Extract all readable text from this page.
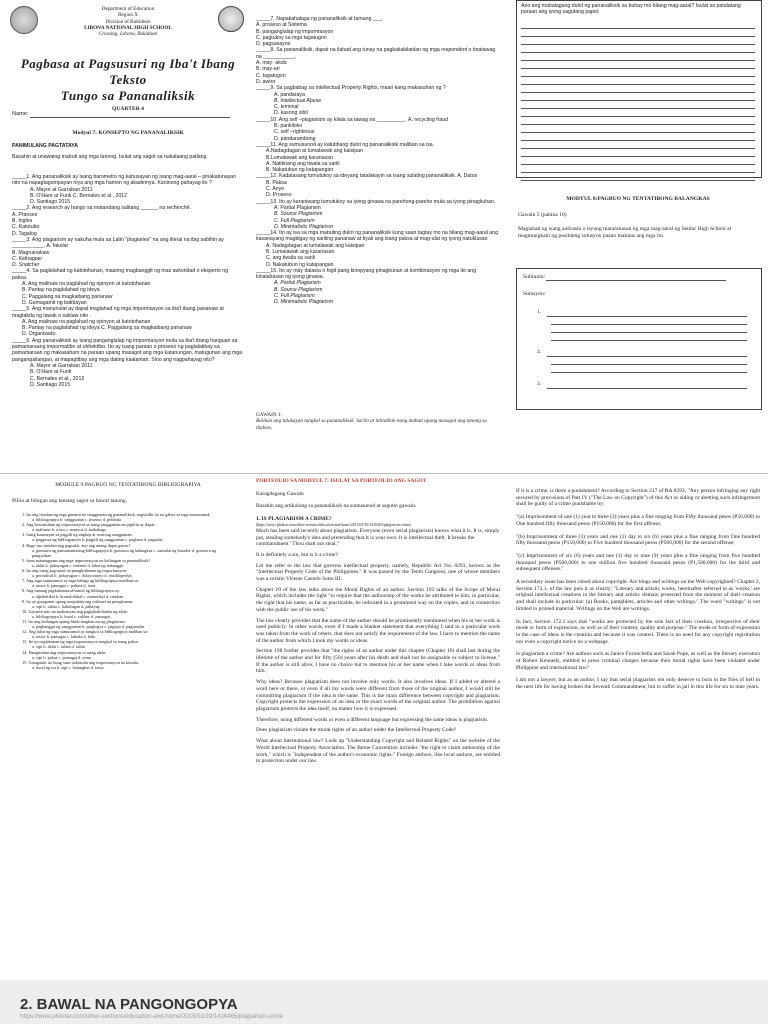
Department of Education

Region X

Division of Bukidnon

LIBONA NATIONAL HIGH SCHOOL

Crossing, Libona, Bukidnon

Pagbasa at Pagsusuri ng Iba't Ibang Teksto
Tungo sa Pananaliksik
QUARTER 4
Name:
Modyul 7: KONSEPTO NG PANANALIKSIK
PANIMULANG PAGTATAYA
Basahin at unawaing mabuti ang mga tanong. Isulat ang sagot sa nakalaang patlang.
_____1. Ang pananaliksik ay isang barometro ng kahusayan ng isang mag-aaral – pinakatunayan nito na napagtagumpayan niya ang mga hamon ng akademya. Kaninong pahayag ito ?
A. Mayor at Garraban 2011
B. O'Hare at Funk C. Bernales et al., 2012
D. Santiago 2015
_____2. Ang research ay hango sa matandang salitang ______ na recherché.
A. Pranses
B. Ingles
C. Katutubo
D. Tagalog
_____3. Ang plagiarism ay nakuha mula sa Latin "plagiaries" na ang literal na ibig sabihin ay ___________. A. fakolar
B. Magnanakaw
C. Kidnapper
D. Snatcher
_____4. Sa paglalahad ng katotohanan, maaring magbanggit ng mas awtoridad o eksperto ng paksa.
A. Ang malinaw na paglahad ng opinyon at katotohanan
B. Pantay na paglalahad ng ideya
C. Paggalang sa magkaibang pananaw
D. Gumagamit ng batibayan
_____5. Ang manunulat ay dapat maglahad ng mga impormasyon sa iba't ibang pananaw at magtakda ng lawak o saklaw nito .
A. Ang malinaw na paglahad ng opinyon at katotohanan
B. Pantay na paglalahad ng ideya C. Paggalang sa magkaibang pananaw
D. Organisado.
_____6. Ang pananaliksik ay isang panganglalap ng impormasyon mula sa iba't ibang hanguan sa pamamaraang impormatibo at obhektibo. Ito ay isang paraan o proseso ng paglalakbay sa pamamaraan ng makasaham na paraan upang masagot ang mga katanungan, matugunan ang mga pangangailangan, at mapagtibay ang mga dating kaalaman. Sino ang nagpahayag nito?
A. Mayor at Garraban 2011
B. O'Hare at Funk
C. Bernales et al., 2012
D. Santiago 2015
_____7. Napakahalaga ng pananaliksik at tamang ___.
A. proseso at Sistema
B. panganglalap ng impormasyon
C. pagtukoy sa mga tagatugon
D. pagsasayos
_____8. Sa pananaliksik, dapat na ilahad ang tunay na pagkakakilanlan ng mga respondent o tinatawag na ___________.
A. may- akda
B. may-ari
C. tagatugon
D. awtor
_____9. Sa pagbabag sa Intellectual Property Rights, maari kang makasuhan ng ?
A. pandaraya
B. Intellectual Abuse
C. kriminal
D. kasong sibil
_____10. Ang self –plagiarism ay kilala sa tawag na __________. A. recycling fraud
B. pankiloko
C. self –righteous
D. pandarambong
_____11. Ang sumusunod ay katutihang dulot ng pananaliksik maliban sa isa.
A.Nadagdagan at lumalawak ang kaisipan
B.Lumalawak ang karanasan
A. Natitinang ang tiwala sa sarili
B. Nakatubuo ng katapangan
_____12. Kadalasang tumutukoy sa ideyang tatalakayin sa isang sulating pananaliksik. A. Datos
B. Paksa
C. Anyo
D. Proseso
_____13. Ito ay karaniwang tumutukoy sa iyong ginawa na parehong-pareho mula sa iyong pinagkuhan.
A. Partial Plagiarism
B. Source Plagiarism
C. Full Plagiarism
D. Minimalistic Plagiarism
_____14. Ito ay isa sa mga mabuting dulot ng pananaliksik kung saan tagtay mo na bilang mag-aaral ang kasanayang magbigay ng sariling pananaw at tiyak ang isang paksa at mag-ulat ng iyong natuklasan
A. Nadagdagan at lumalawak ang kaisipan
B. Lumalawak ang karanasan
C. ang tiwala sa sarili
D. Nakatubuo ng katapangan
_____15. Ito ay may dalawa o higit pang kinopyang pinagkunan at kombinasyon ng mga ito ang kinalabasan ng iyong ginawa.
A. Partial Plagiarism
B. Source Plagiarism
C. Full Plagiarism
D. Minimalistic Plagiarism

GAWAIN 1:

Balikan ang talakayan tungkol sa pananaliksik. Sariin at intindihin nang mabuti upang masagot ang tanong sa ibabaw.

Ano ang mahalagang dulot ng pananaliksik sa buhay mo bilang mag-aaral? Isulat sa patalatang paraan ang iyong sagutang papel.
MODYUL 8:PAGBUO NG TENTATIBONG BALANGKAS
Gawain 5 (pahina 10)
Maglahad ng isang aulirasin o isyung mararanasan ng mga mag-aaral ng Senior High School at magmungkahi ng posibleng solusyon paano malutas ang mga ito.
Suliranin:
Solusyon:
1.
2.
3.
MODULE 9:PAGBUO NG TENTATIBONG BIBLIOGRAPIYA
Piliin at bilugan ang tamang sagot sa bawat tanong.
1. Ito ang listahan ng mga ginamit na sanggunian ng pananaliksik, nagsisilbi ito na gabay sa mga sumusunod:
a. bibliograpiya b. sanggunian c. kwento d. pelikula
2. Ang kawastuhan ng impormasyon sa isang sanggunian na pipiliin ay dapat:
a. malinaw b. totoo c. maayos d. makabago
3. Isang kasanayan sa pagpili ng angkop at wastong sanggunian:
a. paggawa ng bibliograpiya b. pagpili ng sanggunian c. pagbasa d. pagsulat
4. Bago mo simulan ang pagsulat, ano ang unang dapat gawin?
a. gumawa ng pansamantalang bibliograpiya b. gumawa ng balangkas c. sumulat ng burador d. gumawa ng pangwakas
5. Saan matatagpuan ang mga impormasyon na kailangan sa pananaliksik?
a. aklat b. pahayagan c. internet d. lahat ng nabanggit
6. Ito ang isang pag-aaral na pinagkuhanan ng impormasyon:
a. periodical b. pahayagan c. diksyonaryo d. ensiklopedya
7. Ang mga sumusunod ay mga bahagi ng bibliograpiya maliban sa:
a. awtor b. pamagat c. pahina d. taon
8. Ang tamang pagkakasunod-sunod ng bibliograpiya ay:
a. alpabetikal b. kronolohikal c. numerikal d. random
9. Ito ay ginagamit upang maipakita ang orihinal na pinagkunan:
a. sipi b. talata c. kahulugan d. pahayag
10. Layunin nito na malinawan ang pagkakakilanlan ng akda:
a. bibliograpiya b. buod c. saklaw d. pamagat
11. Ito ang kailangan upang hindi magkaroon ng plagiarism:
a. pagbanggit ng sanggunian b. pagkopya c. pagsipi d. pagsasalin
12. Ang lahat ng mga sumusunod ay tungkol sa bibliograpiya maliban sa:
a. awtor b. pamagat c. lathala d. hula
13. Ito ay naglalaman ng mga impormasyon tungkol sa isang paksa:
a. sipi b. aklat c. talata d. salita
14. Pinagmulan ang impormasyon sa isang akda:
a. sipi b. paksa c. pamagat d. tema
15. Ginagamit ito kung saan nakasulat ang impormasyon na kinuha:
a. buod ng isa b. sipi c. balangkas d. tema

PORTFOLIO SA MODYUL 7: ISULAT SA PORTFOLIO ANG SAGOT

Karagdagang Gawain

Basahin ang artikulong sa pananaliksik na sumusunod at sagutin gawain.

1. IS PLAGIARISM A CRIME?

(https://www.philstar.com/other-sections/education-and-home/2015/01/29/1418465/plagiarism-crime)

Much has been said recently about plagiarism. Everyone (even serial plagiarists) knows what it is. It is, simply put, stealing somebody's idea and pretending that it is your own. It is intellectual theft. It breaks the commandment "Thou shalt not steal."

It is definitely a sin, but is it a crime?

Let me refer to the law that governs intellectual property, namely, Republic Act No. 8293, known as the "Intellectual Property Code of the Philippines." It was passed by the Tenth Congress, one of whose members was a certain Vicente Castelo Sotto III.

Chapter 10 of the law talks about the Moral Rights of an author. Section 193 talks of the Scope of Moral Rights, which includes the right "to require that the authorship of the works be attributed to him, in particular, the right that his name, as far as practicable, be indicated in a prominent way on the copies, and in connection with the public use of his work."

The law clearly provides that the name of the author should be prominently mentioned when his or her work is used publicly. In other words, even if I made a blanket statement that everything I said in a particular work was taken from the work of others, that does not satisfy the requirement of the law. I have to mention the name of the author from which I took my words or ideas.

Section 198 further provides that "the rights of an author under this chapter (Chapter 10) shall last during the lifetime of the author and for fifty (50) years after his death and shall not be assignable or subject to license." If the author is still alive, I have no choice but to mention his or her name when I take words or ideas from him.

Why ideas? Because plagiarism does not involve only words. It also involves ideas. If I added or altered a word here or there, or even if all my words were different from those of the original author, I would still be committing plagiarism if the idea is the same. This is the main difference between copyright and plagiarism. Copyright protects the expression of an idea or the exact words of the original author. The prohibition against plagiarism protects the idea itself, no matter how it is expressed.

Therefore, using different words or even a different language but expressing the same ideas is plagiarism.

Does plagiarism violate the moral rights of an author under the Intellectual Property Code?

What about international law? Look up "Understanding Copyright and Related Rights" on the website of the World Intellectual Property Association. The Berne Convention includes "the right to claim authorship of the work," which is "independent of the author's economic rights." Foreign authors, like local authors, are entitled to protection under our law.

If it is a crime, is there a punishment? According to Section 217 of RA 8293, "Any person infringing any right secured by provisions of Part IV ("The Law on Copyright") of this Act or aiding or abetting such infringement shall be guilty of a crime punishable by:

"(a) Imprisonment of one (1) year to three (3) years plus a fine ranging from Fifty thousand pesos (P50,000) to One hundred fifty thousand pesos (P150,000) for the first offense;

"(b) Imprisonment of three (3) years and one (1) day to six (6) years plus a fine ranging from One hundred fifty thousand pesos (P150,000) to Five hundred thousand pesos (P500,000) for the second offense;

"(c) Imprisonment of six (6) years and one (1) day to nine (9) years plus a fine ranging from five hundred thousand pesos (P500,000) to one million five hundred thousand pesos (P1,500,000) for the third and subsequent offenses."

A secondary issue has been raised about copyright. Are blogs and writings on the Web copyrighted? Chapter 2, Section 172.1, of the law puts it as clearly: "Literary and artistic works, hereinafter referred to as 'works,' are original intellectual creations in the literary and artistic domain protected from the moment of their creation and shall include in particular: (a) Books, pamphlets, articles and other writings." The word "writings" is not limited to printed material. Writings on the Web are writings.

In fact, Section 172.2 says that "works are protected by the sole fact of their creation, irrespective of their mode or form of expression, as well as of their content, quality and purpose." The mode or form of expression in the case of ideas is the creation and because it was created. There is no need for any copyright registration nor even a copyright notice on a webpage.

Is plagiarism a crime? Are authors such as Janice Formichella and Sarah Pope, as well as the literary executors of Robert Kennedy, entitled to press criminal charges because their moral rights have been violated under Philippine and international law?

I am not a lawyer, but as an author, I say that serial plagiarists not only deserve to burn in the fires of hell in the next life for having broken the Seventh Commandment, but to suffer in jail in this life for six to nine years.

2. BAWAL NA PANGONGOPYA
https://www.philstar.com/other-sections/education-and-home/2015/01/29/1418465/plagiarism-crime
